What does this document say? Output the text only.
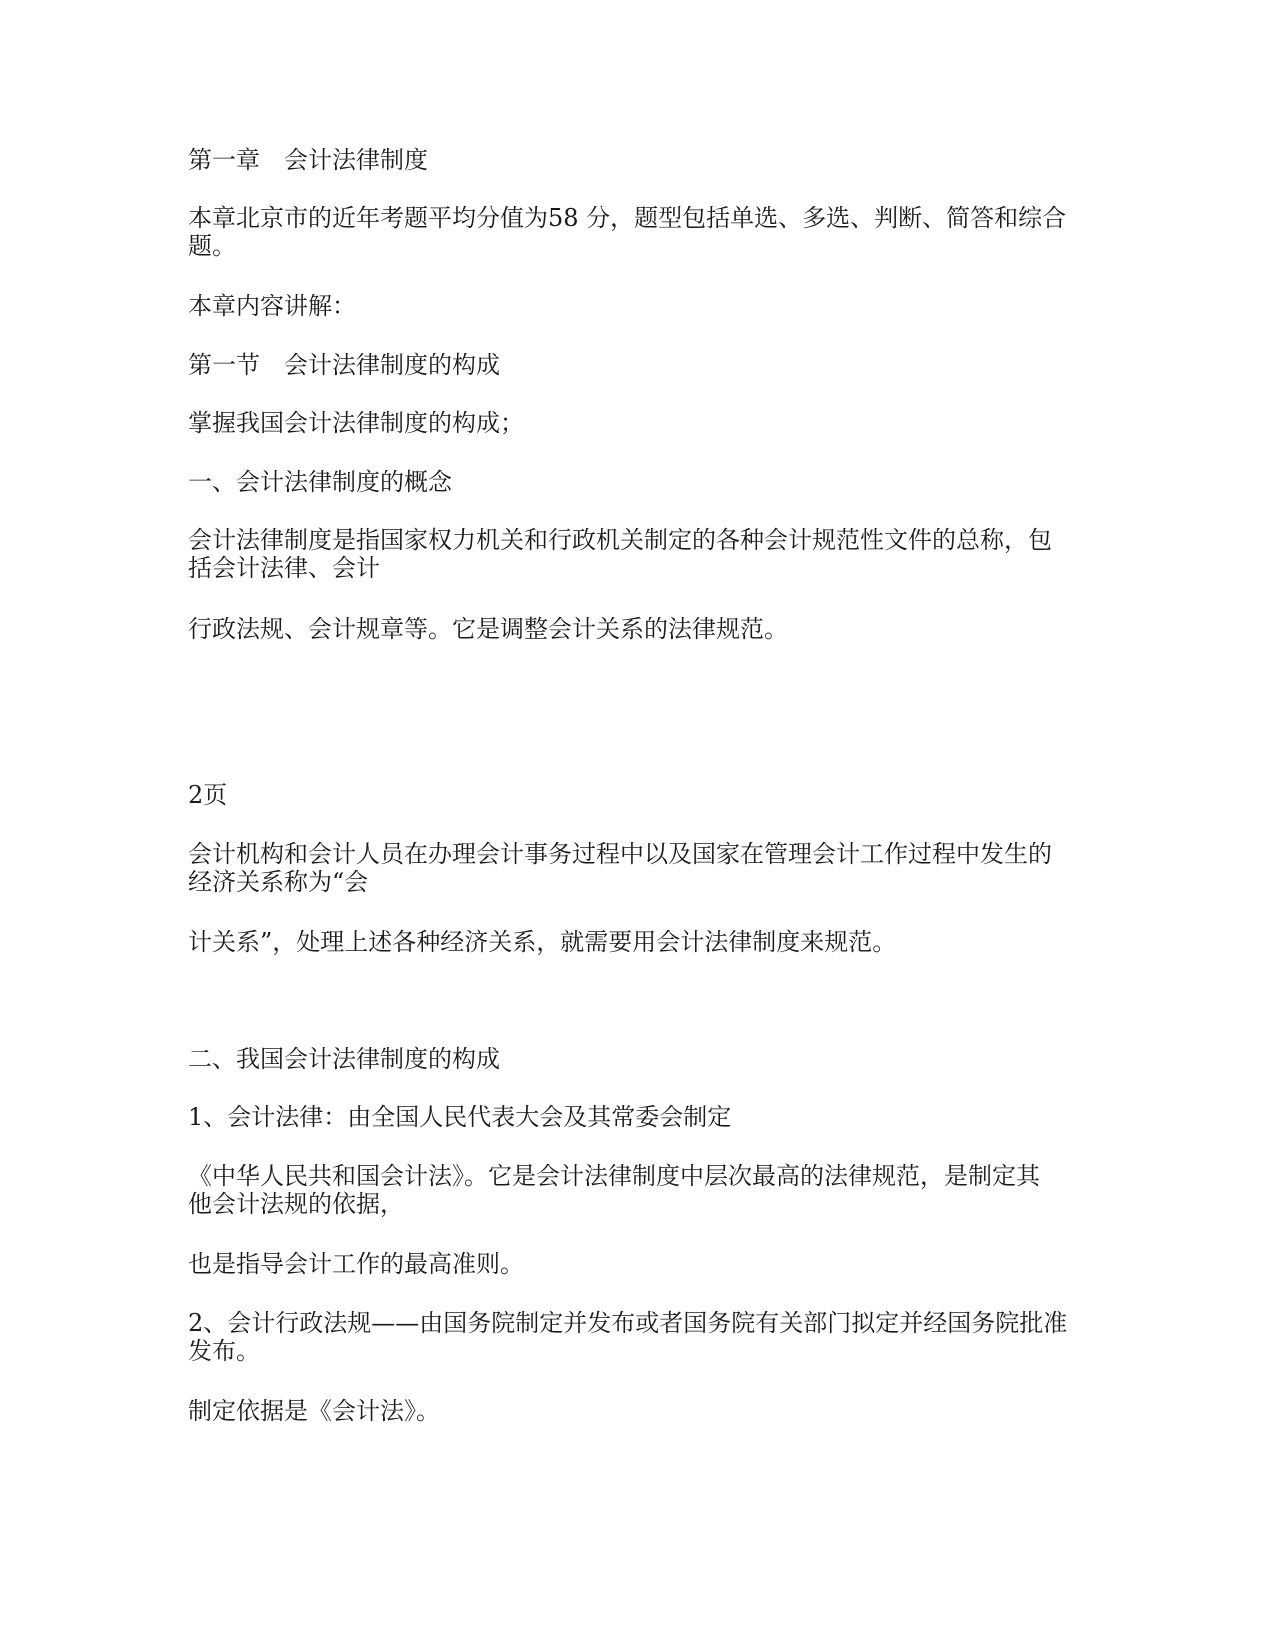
第一章　会计法律制度

本章北京市的近年考题平均分值为58 分，题型包括单选、多选、判断、简答和综合
题。

本章内容讲解：

第一节　会计法律制度的构成

掌握我国会计法律制度的构成；

一、会计法律制度的概念

会计法律制度是指国家权力机关和行政机关制定的各种会计规范性文件的总称，包
括会计法律、会计

行政法规、会计规章等。它是调整会计关系的法律规范。

2页

会计机构和会计人员在办理会计事务过程中以及国家在管理会计工作过程中发生的
经济关系称为“会

计关系”，处理上述各种经济关系，就需要用会计法律制度来规范。

二、我国会计法律制度的构成

1、会计法律：由全国人民代表大会及其常委会制定

《中华人民共和国会计法》。它是会计法律制度中层次最高的法律规范，是制定其
他会计法规的依据，

也是指导会计工作的最高准则。

2、会计行政法规——由国务院制定并发布或者国务院有关部门拟定并经国务院批准
发布。

制定依据是《会计法》。
